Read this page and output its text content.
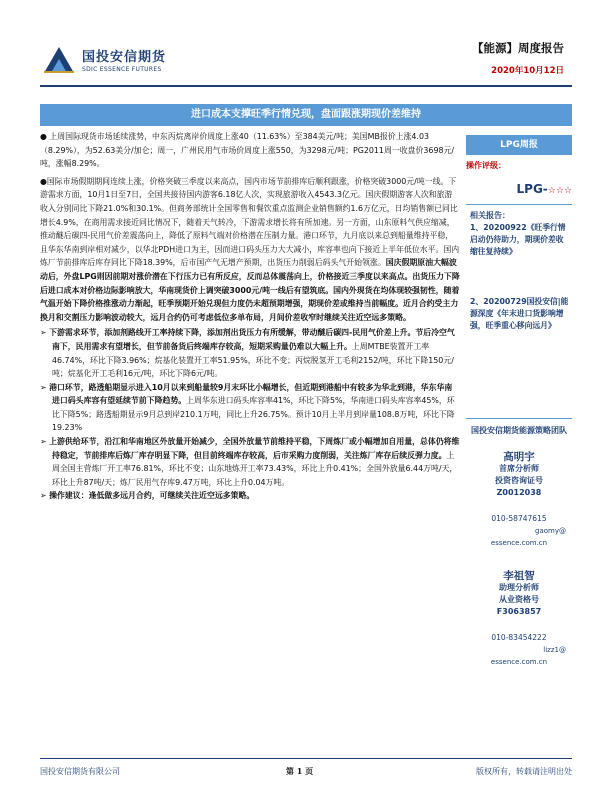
国投安信期货
SDIC ESSENCE FUTURES
【能源】周度报告
2020年10月12日
进口成本支撑旺季行情兑现，盘面跟涨期现价差维持

● 上周国际现货市场延续涨势，中东丙烷离岸价周度上涨40（11.63%）至384美元/吨；美国MB报价上涨4.03（8.29%），为52.63美分/加仑；周一，广州民用气市场价周度上涨550，为3298元/吨；PG2011周一收盘价3698元/吨，涨幅8.29%。

●国际市场假期期间连续上涨，价格突破三季度以来高点，国内市场节前排库后顺利跟涨，价格突破3000元/吨一线。下游需求方面，10月1日至7日，全国共接待国内游客6.18亿人次，实现旅游收入4543.3亿元。国庆假期游客人次和旅游收入分别同比下降21.0%和30.1%。但商务部统计全国零售和餐饮重点监测企业销售额约1.6万亿元，日均销售额已同比增长4.9%，在商用需求接近同比情况下，随着天气转冷，下游需求增长将有所加速。另一方面，山东原料气供应缩减，推动醚后碳四-民用气价差震荡向上，降低了原料气端对价格潜在压制力量。港口环节，九月底以来总到船量维持平稳，且华东华南到岸相对减少，以华北PDH进口为主，因而进口码头压力大大减小，库容率也向下接近上半年低位水平。国内炼厂节前排库后库存同比下降18.39%，后市国产气无增产预期，出货压力削弱后码头气开始领涨。国庆假期原油大幅波动后，外盘LPG则因前期对涨价潜在下行压力已有所反应，反而总体震荡向上，价格接近三季度以来高点。出货压力下降后进口成本对价格边际影响放大，华南现货价上调突破3000元/吨一线后有望筑底。国内外现货在均体现较强韧性，随着气温开始下降价格推涨动力渐起，旺季预期开始兑现但力度仍未超预期增强，期现价差或维持当前幅度。近月合约受主力换月和交割压力影响波动较大，远月合约仍可考虑低位多单布局，月间价差收窄时继续关注近空远多策略。

➢ 下游需求环节，添加剂路线开工率持续下降，添加剂出货压力有所缓解，带动醚后碳四-民用气价差上升。节后冷空气南下，民用需求有望增长，但节前备货后终端库存较高，短期采购量仍难以大幅上升。上周MTBE装置开工率46.74%，环比下降3.96%；烷基化装置开工率51.95%，环比不变；丙烷脱氢开工毛利2152/吨，环比下降150元/吨；烷基化开工毛利16元/吨，环比下降6元/吨。

➢ 港口环节，路透船期显示进入10月以来到船量较9月末环比小幅增长，但近期到港船中有较多为华北到港，华东华南进口码头库容有望延续节前下降趋势。上周华东进口码头库容率41%，环比下降5%，华南进口码头库容率45%，环比下降5%；路透船期显示9月总到岸210.1万吨，同比上升26.75%。预计10月上半月到岸量108.8万吨，环比下降19.23%

➢ 上游供给环节，沿江和华南地区外放量开始减少，全国外放量节前维持平稳，下周炼厂或小幅增加自用量，总体仍将维持稳定，节前排库后炼厂库存明显下降，但目前终端库存较高，后市采购力度削弱，关注炼厂库存后续反弹力度。上周全国主营炼厂开工率76.81%，环比不变；山东地炼开工率73.43%，环比上升0.41%；全国外放量6.44万吨/天，环比上升87吨/天；炼厂民用气存库9.47万吨，环比上升0.04万吨。

➢ 操作建议：逢低做多远月合约，可继续关注近空远多策略。

LPG周报
操作评级：
LPG-☆☆☆
相关报告：
1、20200922《旺季行情启动仍待助力，期现价差收缩往复持续》
2、20200729国投安信|能源深度《年末进口货影响增强，旺季重心移向远月》
国投安信期货能源策略团队
高明宇
首席分析师
投资咨询证号
Z0012038
010-58747615
gaomy@
essence.com.cn
李祖智
助理分析师
从业资格号
F3063857
010-83454222
lizz1@
essence.com.cn
国投安信期货有限公司	第 1 页	版权所有，转载请注明出处
